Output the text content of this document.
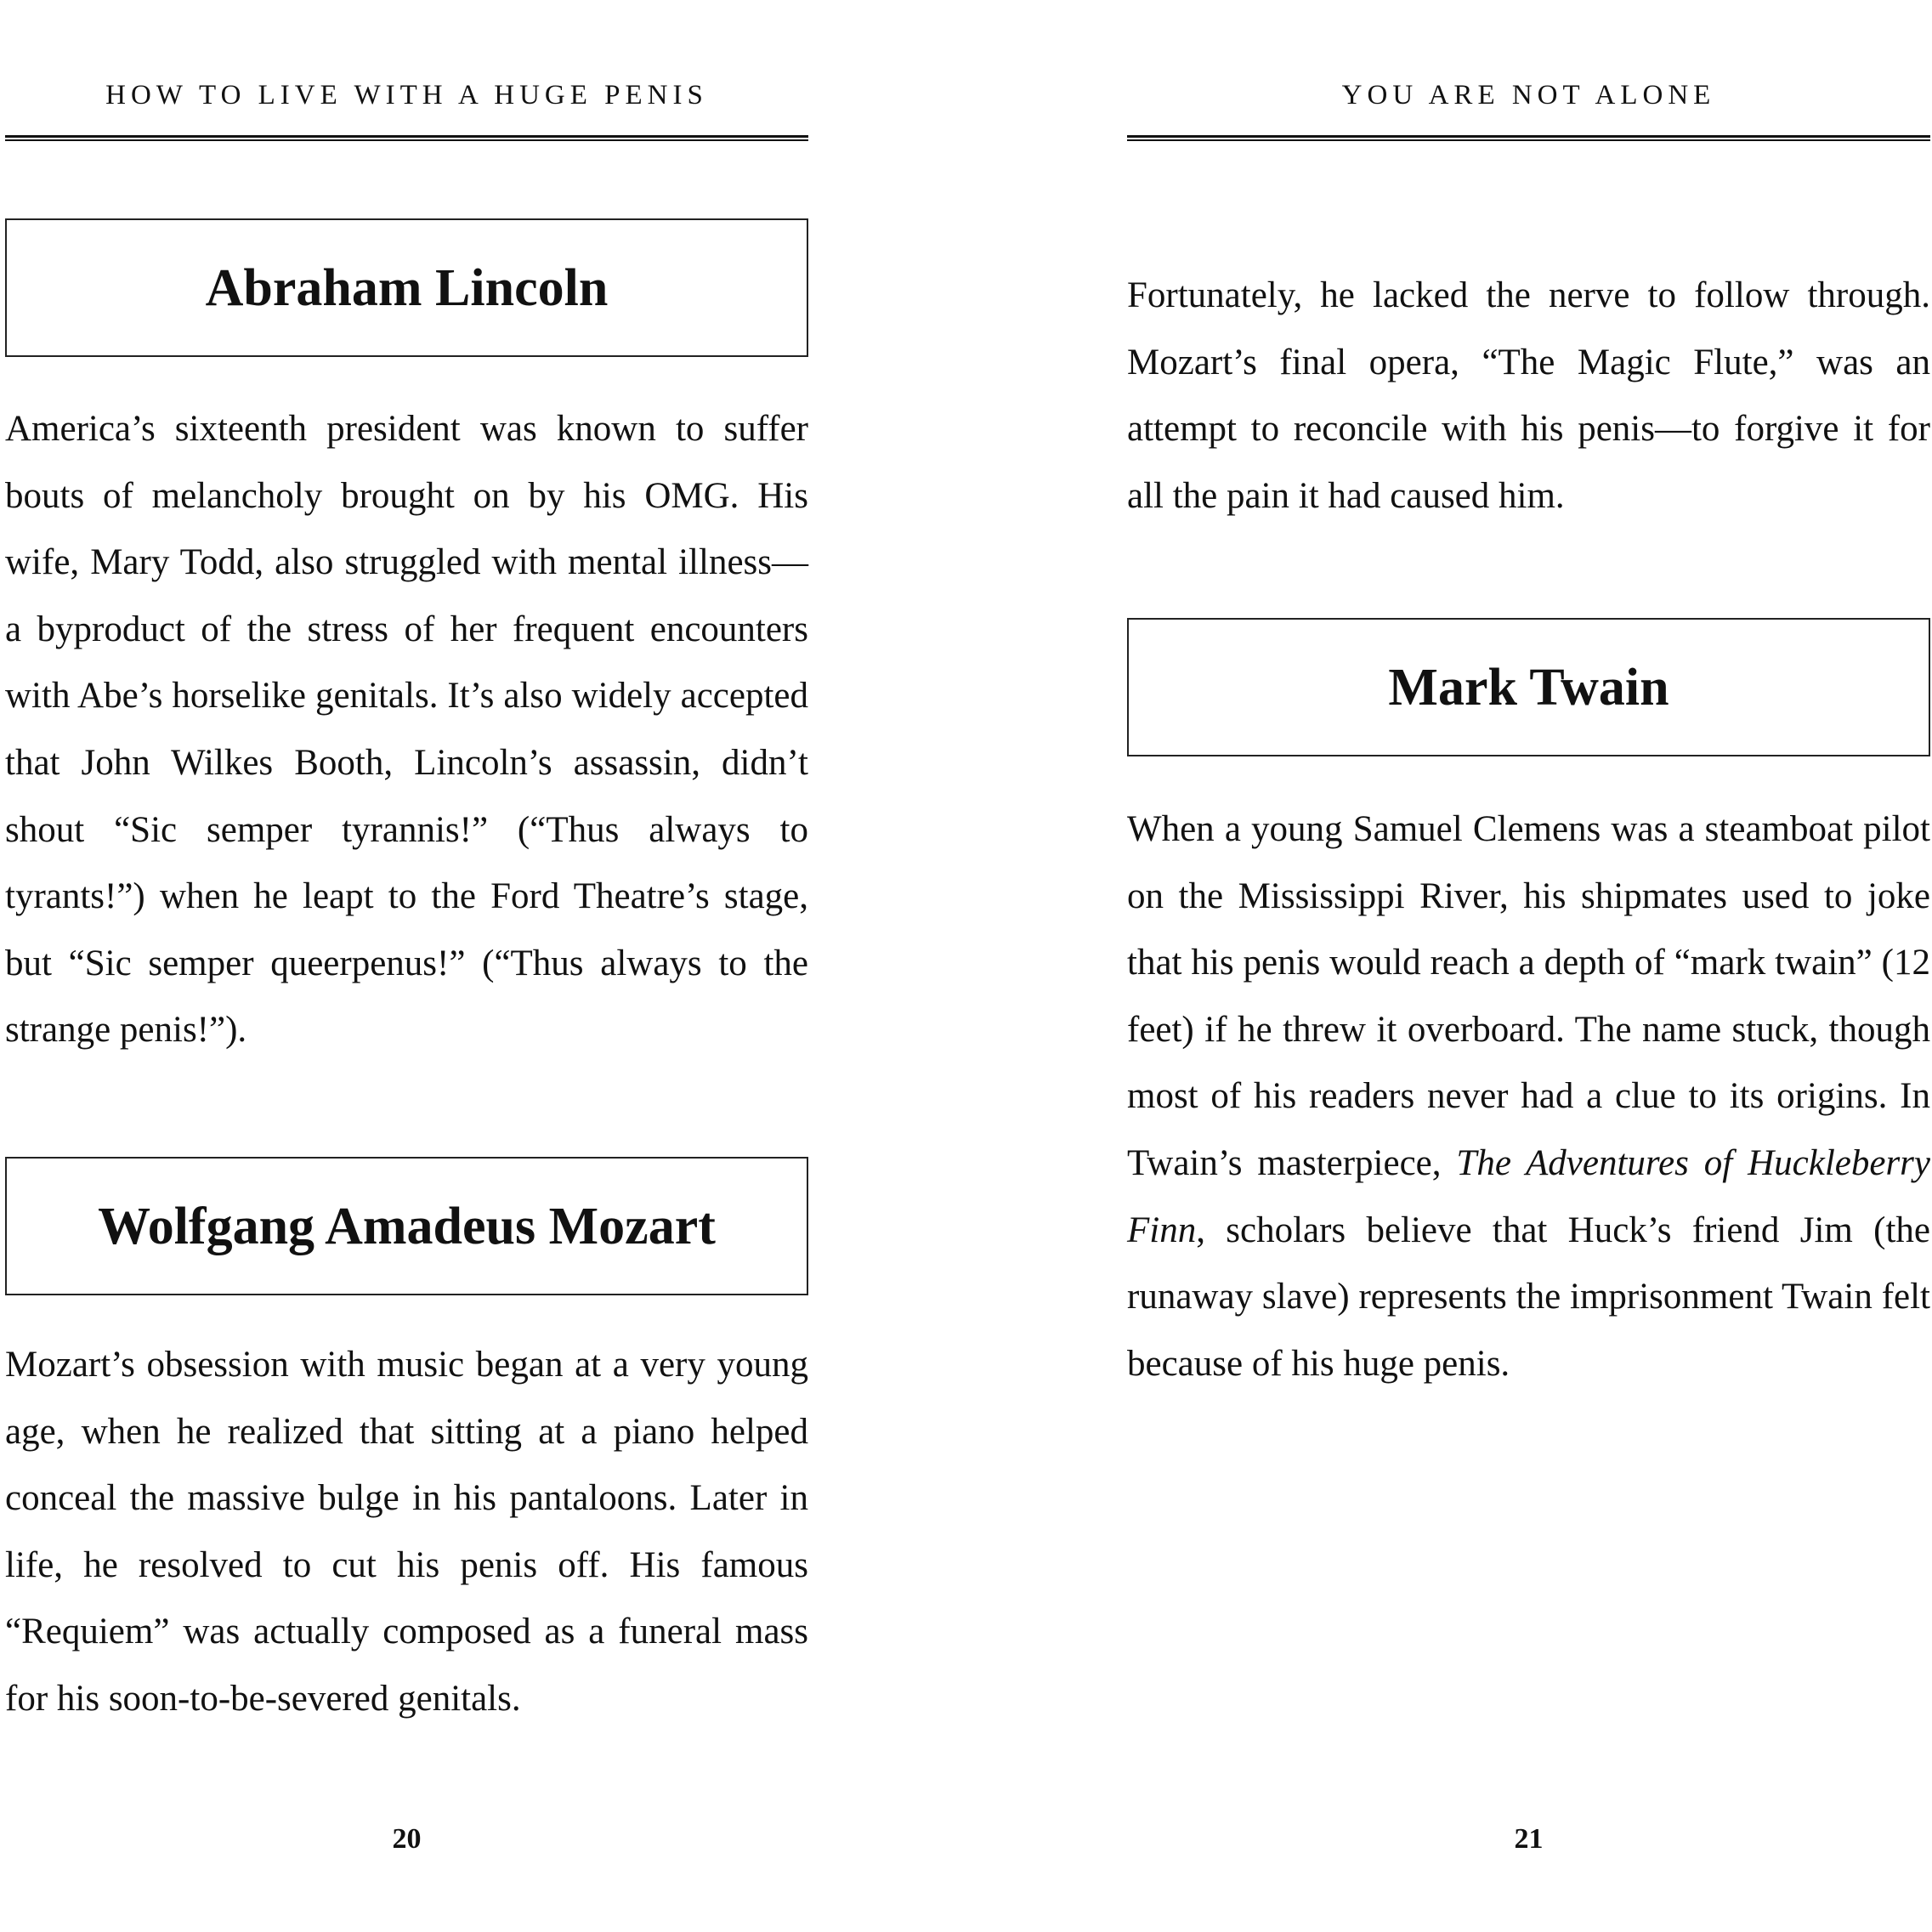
HOW TO LIVE WITH A HUGE PENIS
Abraham Lincoln

America’s sixteenth president was known to suffer bouts of melancholy brought on by his OMG. His wife, Mary Todd, also struggled with mental illness—a byproduct of the stress of her frequent encounters with Abe’s horselike genitals. It’s also widely accepted that John Wilkes Booth, Lincoln’s assassin, didn’t shout “Sic semper tyrannis!” (“Thus always to tyrants!”) when he leapt to the Ford Theatre’s stage, but “Sic semper queerpenus!” (“Thus always to the strange penis!”).

Wolfgang Amadeus Mozart

Mozart’s obsession with music began at a very young age, when he realized that sitting at a piano helped conceal the massive bulge in his pantaloons. Later in life, he resolved to cut his penis off. His famous “Requiem” was actually composed as a funeral mass for his soon-to-be-severed genitals.

20
YOU ARE NOT ALONE

Fortunately, he lacked the nerve to follow through. Mozart’s final opera, “The Magic Flute,” was an attempt to reconcile with his penis—to forgive it for all the pain it had caused him.

Mark Twain

When a young Samuel Clemens was a steamboat pilot on the Mississippi River, his shipmates used to joke that his penis would reach a depth of “mark twain” (12 feet) if he threw it overboard. The name stuck, though most of his readers never had a clue to its origins. In Twain’s masterpiece, The Adventures of Huckleberry Finn, scholars believe that Huck’s friend Jim (the runaway slave) represents the imprisonment Twain felt because of his huge penis.

21
